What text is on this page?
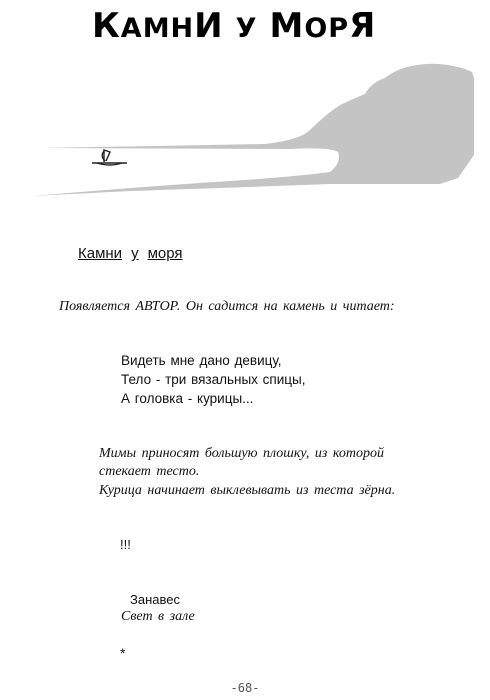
КАМНИ У МОРЯ
Камни у моря

Появляется АВТОР. Он садится на камень и читает:

Видеть мне дано девицу,

Тело - три вязальных спицы,

А головка - курицы...

Мимы приносят большую плошку, из которой

стекает тесто.

Курица начинает выклевывать из теста зёрна.

!!!

Занавес

Свет в зале

*

-68-
